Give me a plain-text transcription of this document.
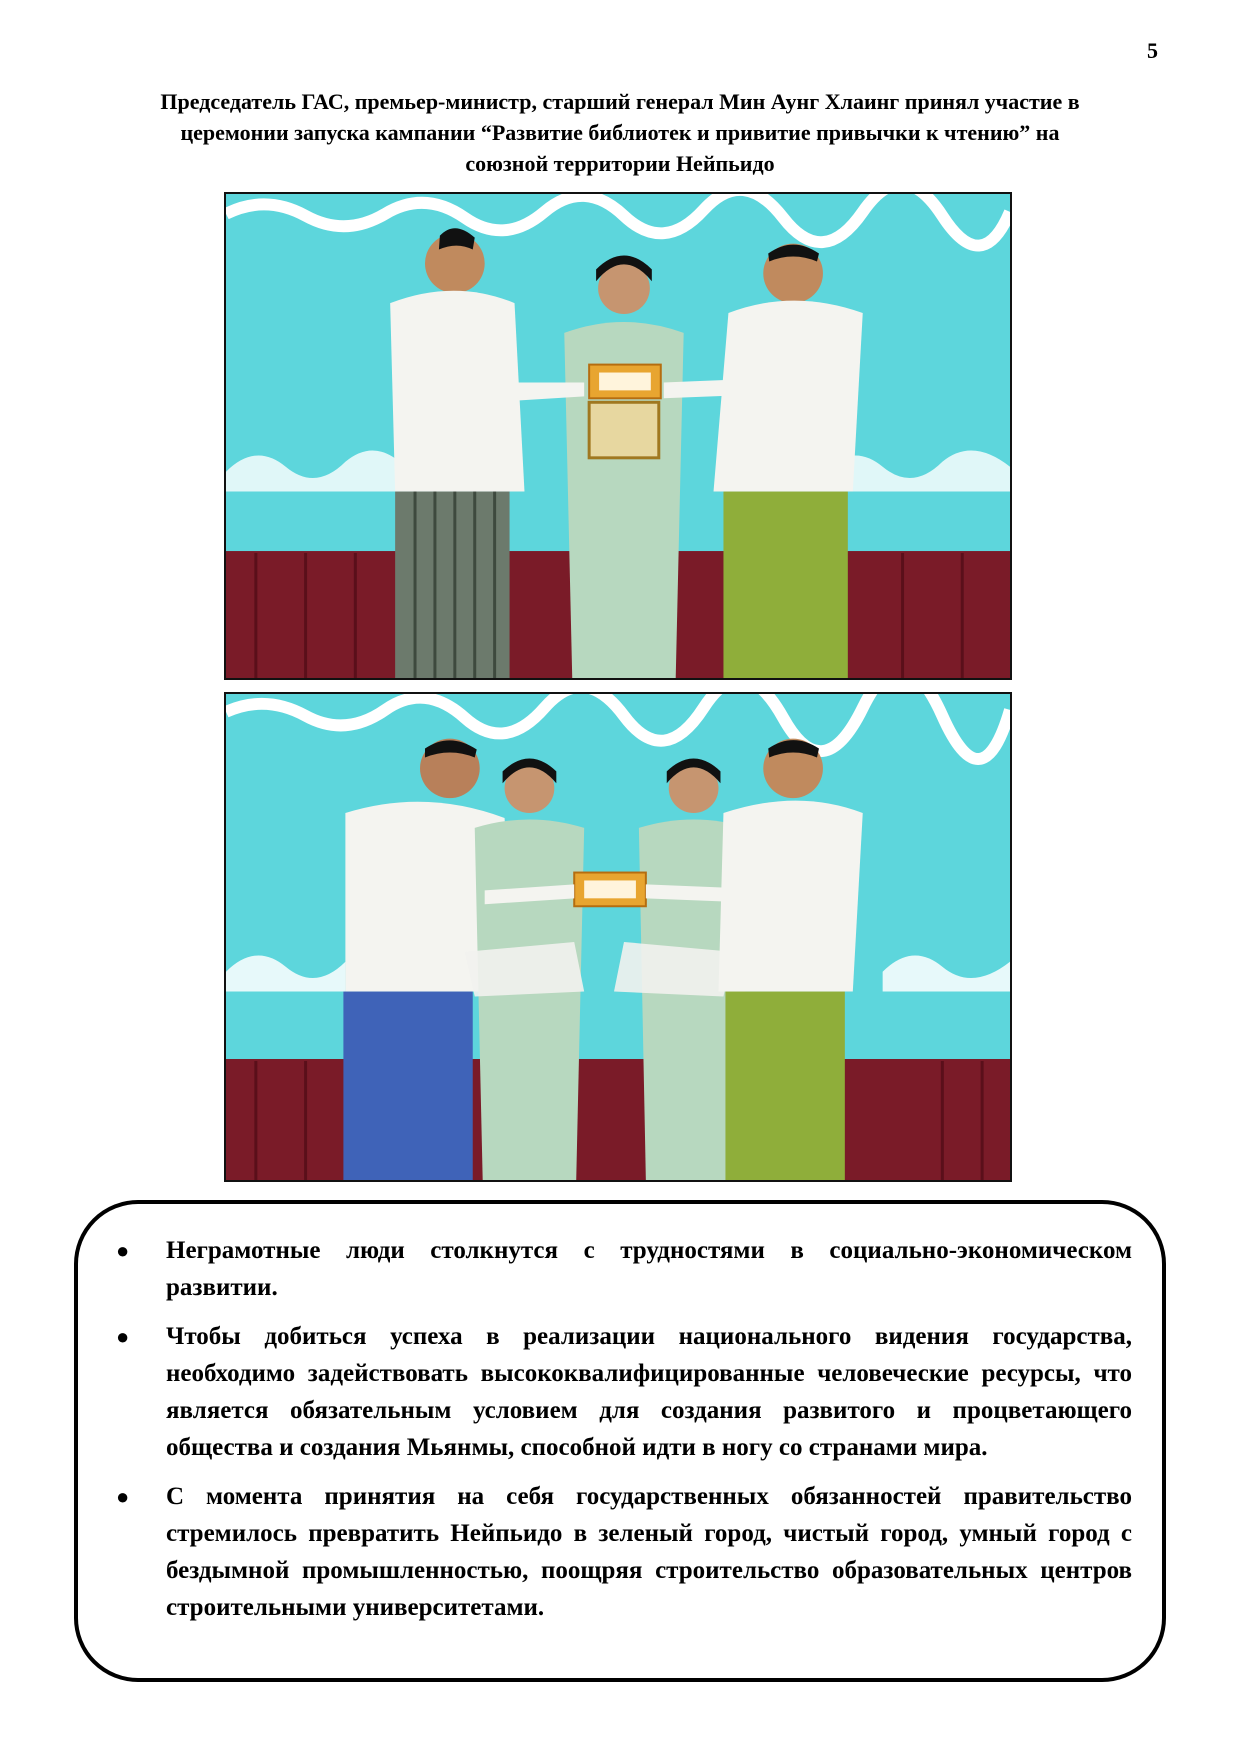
5
Председатель ГАС, премьер-министр, старший генерал Мин Аунг Хлаинг принял участие в
церемонии запуска кампании “Развитие библиотек и привитие привычки к чтению” на
союзной территории Нейпьидо
● Неграмотные люди столкнутся с трудностями в социально-экономическом развитии.
● Чтобы добиться успеха в реализации национального видения государства, необходимо задействовать высококвалифицированные человеческие ресурсы, что является обязательным условием для создания развитого и процветающего общества и создания Мьянмы, способной идти в ногу со странами мира.
● С момента принятия на себя государственных обязанностей правительство стремилось превратить Нейпьидо в зеленый город, чистый город, умный город с бездымной промышленностью, поощряя строительство образовательных центров строительными университетами.
